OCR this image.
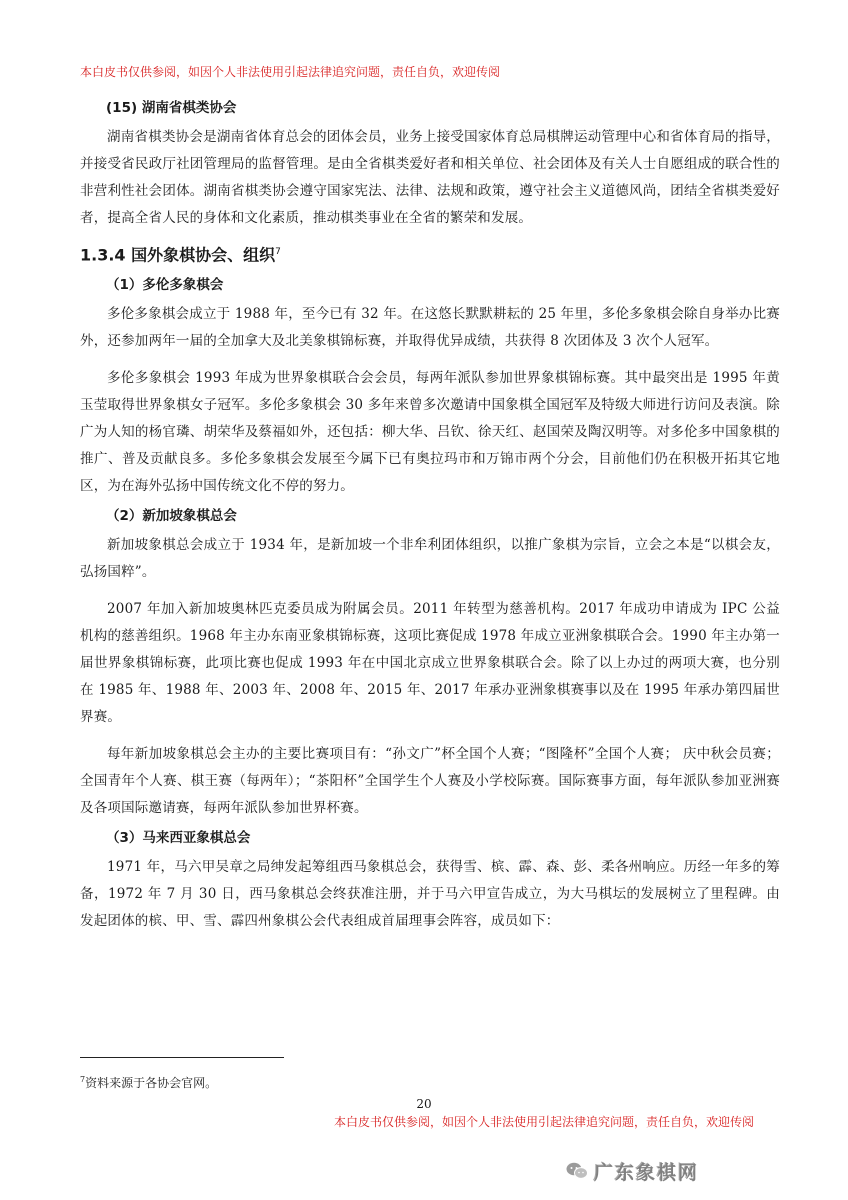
本白皮书仅供参阅，如因个人非法使用引起法律追究问题，责任自负，欢迎传阅
(15) 湖南省棋类协会

湖南省棋类协会是湖南省体育总会的团体会员，业务上接受国家体育总局棋牌运动管理中心和省体育局的指导，并接受省民政厅社团管理局的监督管理。是由全省棋类爱好者和相关单位、社会团体及有关人士自愿组成的联合性的非营利性社会团体。湖南省棋类协会遵守国家宪法、法律、法规和政策，遵守社会主义道德风尚，团结全省棋类爱好者，提高全省人民的身体和文化素质，推动棋类事业在全省的繁荣和发展。

1.3.4 国外象棋协会、组织$^7$
（1）多伦多象棋会

多伦多象棋会成立于 1988 年，至今已有 32 年。在这悠长默默耕耘的 25 年里，多伦多象棋会除自身举办比赛外，还参加两年一届的全加拿大及北美象棋锦标赛，并取得优异成绩，共获得 8 次团体及 3 次个人冠军。

多伦多象棋会 1993 年成为世界象棋联合会会员，每两年派队参加世界象棋锦标赛。其中最突出是 1995 年黄玉莹取得世界象棋女子冠军。多伦多象棋会 30 多年来曾多次邀请中国象棋全国冠军及特级大师进行访问及表演。除广为人知的杨官璘、胡荣华及蔡福如外，还包括：柳大华、吕钦、徐天红、赵国荣及陶汉明等。对多伦多中国象棋的推广、普及贡献良多。多伦多象棋会发展至今属下已有奥拉玛市和万锦市两个分会，目前他们仍在积极开拓其它地区，为在海外弘扬中国传统文化不停的努力。

（2）新加坡象棋总会

新加坡象棋总会成立于 1934 年，是新加坡一个非牟利团体组织，以推广象棋为宗旨，立会之本是“以棋会友，弘扬国粹”。

2007 年加入新加坡奥林匹克委员成为附属会员。2011 年转型为慈善机构。2017 年成功申请成为 IPC 公益机构的慈善组织。1968 年主办东南亚象棋锦标赛，这项比赛促成 1978 年成立亚洲象棋联合会。1990 年主办第一届世界象棋锦标赛，此项比赛也促成 1993 年在中国北京成立世界象棋联合会。除了以上办过的两项大赛，也分别在 1985 年、1988 年、2003 年、2008 年、2015 年、2017 年承办亚洲象棋赛事以及在 1995 年承办第四届世界赛。

每年新加坡象棋总会主办的主要比赛项目有：“孙文广”杯全国个人赛；“图隆杯”全国个人赛； 庆中秋会员赛； 全国青年个人赛、棋王赛（每两年）；“茶阳杯”全国学生个人赛及小学校际赛。国际赛事方面，每年派队参加亚洲赛及各项国际邀请赛，每两年派队参加世界杯赛。

（3）马来西亚象棋总会

1971 年，马六甲吴章之局绅发起筹组西马象棋总会，获得雪、槟、霹、森、彭、柔各州响应。历经一年多的筹备，1972 年 7 月 30 日，西马象棋总会终获准注册，并于马六甲宣告成立，为大马棋坛的发展树立了里程碑。由发起团体的槟、甲、雪、霹四州象棋公会代表组成首届理事会阵容，成员如下：

$^7$资料来源于各协会官网。
20
本白皮书仅供参阅，如因个人非法使用引起法律追究问题，责任自负，欢迎传阅
广东象棋网
